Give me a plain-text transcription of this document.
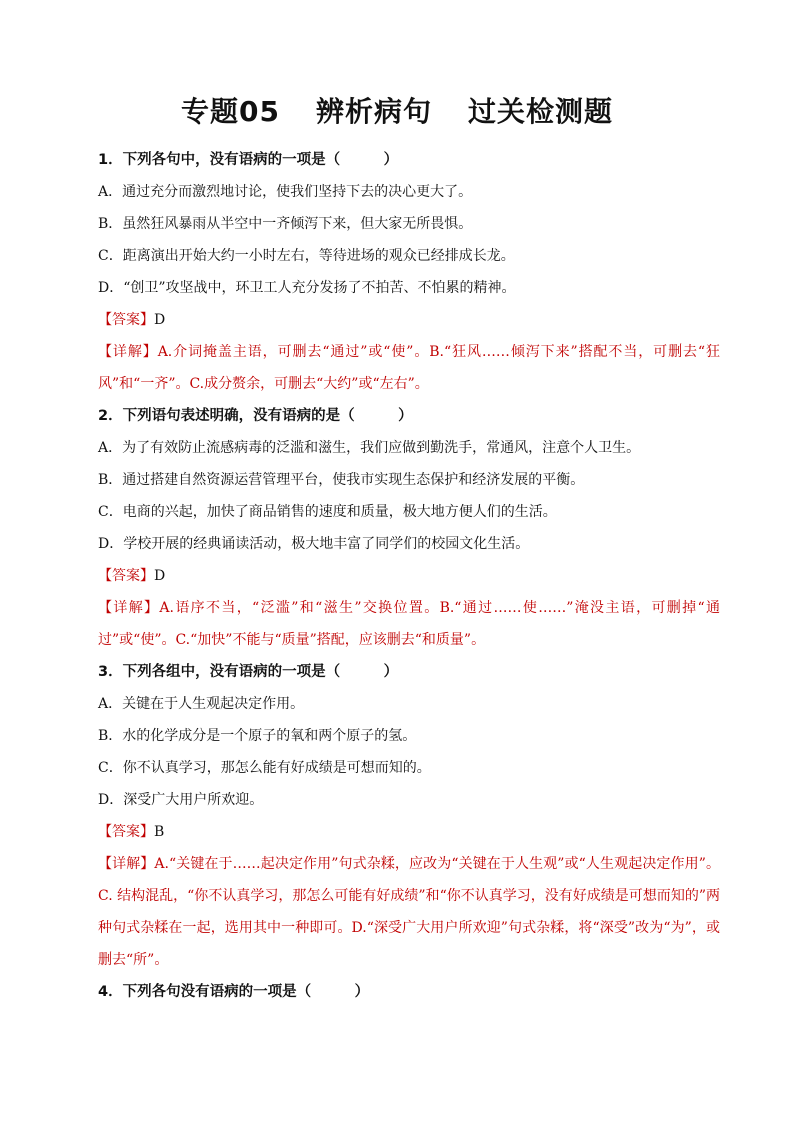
专题05 辨析病句 过关检测题
1．下列各句中，没有语病的一项是（　　　）
A．通过充分而激烈地讨论，使我们坚持下去的决心更大了。
B．虽然狂风暴雨从半空中一齐倾泻下来，但大家无所畏惧。
C．距离演出开始大约一小时左右，等待进场的观众已经排成长龙。
D．“创卫”攻坚战中，环卫工人充分发扬了不拍苦、不怕累的精神。
【答案】D
【详解】A.介词掩盖主语，可删去“通过”或“使”。B.“狂风……倾泻下来”搭配不当，可删去“狂风”和“一齐”。C.成分赘余，可删去“大约”或“左右”。
2．下列语句表述明确，没有语病的是（　　　）
A．为了有效防止流感病毒的泛滥和滋生，我们应做到勤洗手，常通风，注意个人卫生。
B．通过搭建自然资源运营管理平台，使我市实现生态保护和经济发展的平衡。
C．电商的兴起，加快了商品销售的速度和质量，极大地方便人们的生活。
D．学校开展的经典诵读活动，极大地丰富了同学们的校园文化生活。
【答案】D
【详解】A.语序不当，“泛滥”和“滋生”交换位置。B.“通过……使……”淹没主语，可删掉“通过”或“使”。C.“加快”不能与“质量”搭配，应该删去“和质量”。
3．下列各组中，没有语病的一项是（　　　）
A．关键在于人生观起决定作用。
B．水的化学成分是一个原子的氧和两个原子的氢。
C．你不认真学习，那怎么能有好成绩是可想而知的。
D．深受广大用户所欢迎。
【答案】B
【详解】A.“关键在于……起决定作用”句式杂糅，应改为“关键在于人生观”或“人生观起决定作用”。C. 结构混乱，“你不认真学习，那怎么可能有好成绩”和“你不认真学习，没有好成绩是可想而知的”两种句式杂糅在一起，选用其中一种即可。D.“深受广大用户所欢迎”句式杂糅，将“深受”改为“为”，或删去“所”。
4．下列各句没有语病的一项是（　　　）
